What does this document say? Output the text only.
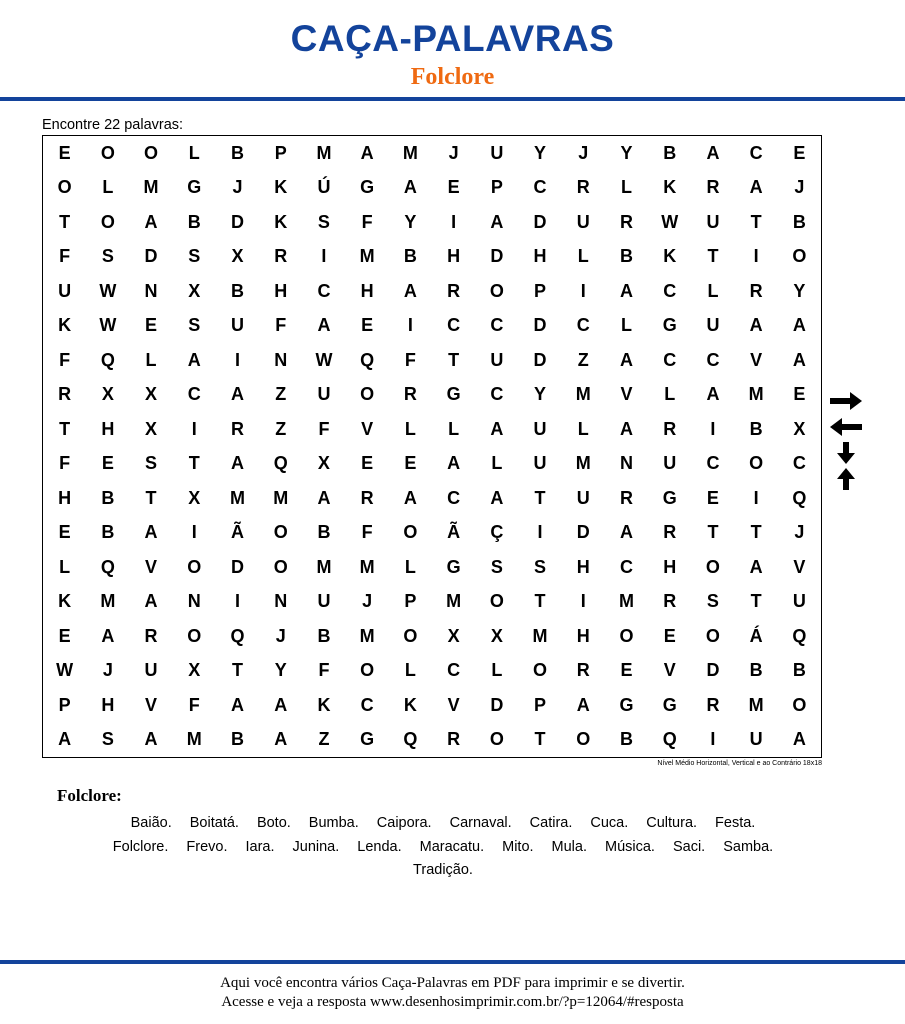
CAÇA-PALAVRAS
Folclore
Encontre 22 palavras:
E	O	O	L	B	P	M	A	M	J	U	Y	J	Y	B	A	C	E
O	L	M	G	J	K	Ú	G	A	E	P	C	R	L	K	R	A	J
T	O	A	B	D	K	S	F	Y	I	A	D	U	R	W	U	T	B
F	S	D	S	X	R	I	M	B	H	D	H	L	B	K	T	I	O
U	W	N	X	B	H	C	H	A	R	O	P	I	A	C	L	R	Y
K	W	E	S	U	F	A	E	I	C	C	D	C	L	G	U	A	A
F	Q	L	A	I	N	W	Q	F	T	U	D	Z	A	C	C	V	A
R	X	X	C	A	Z	U	O	R	G	C	Y	M	V	L	A	M	E
T	H	X	I	R	Z	F	V	L	L	A	U	L	A	R	I	B	X
F	E	S	T	A	Q	X	E	E	A	L	U	M	N	U	C	O	C
H	B	T	X	M	M	A	R	A	C	A	T	U	R	G	E	I	Q
E	B	A	I	Ã	O	B	F	O	Ã	Ç	I	D	A	R	T	T	J
L	Q	V	O	D	O	M	M	L	G	S	S	H	C	H	O	A	V
K	M	A	N	I	N	U	J	P	M	O	T	I	M	R	S	T	U
E	A	R	O	Q	J	B	M	O	X	X	M	H	O	E	O	Á	Q
W	J	U	X	T	Y	F	O	L	C	L	O	R	E	V	D	B	B
P	H	V	F	A	A	K	C	K	V	D	P	A	G	G	R	M	O
A	S	A	M	B	A	Z	G	Q	R	O	T	O	B	Q	I	U	A
Nível Médio Horizontal, Vertical e ao Contrário 18x18
Folclore:
Baião. Boitatá. Boto. Bumba. Caipora. Carnaval. Catira. Cuca. Cultura. Festa.
Folclore. Frevo. Iara. Junina. Lenda. Maracatu. Mito. Mula. Música. Saci. Samba.
Tradição.
Aqui você encontra vários Caça-Palavras em PDF para imprimir e se divertir.
Acesse e veja a resposta www.desenhosimprimir.com.br/?p=12064/#resposta
